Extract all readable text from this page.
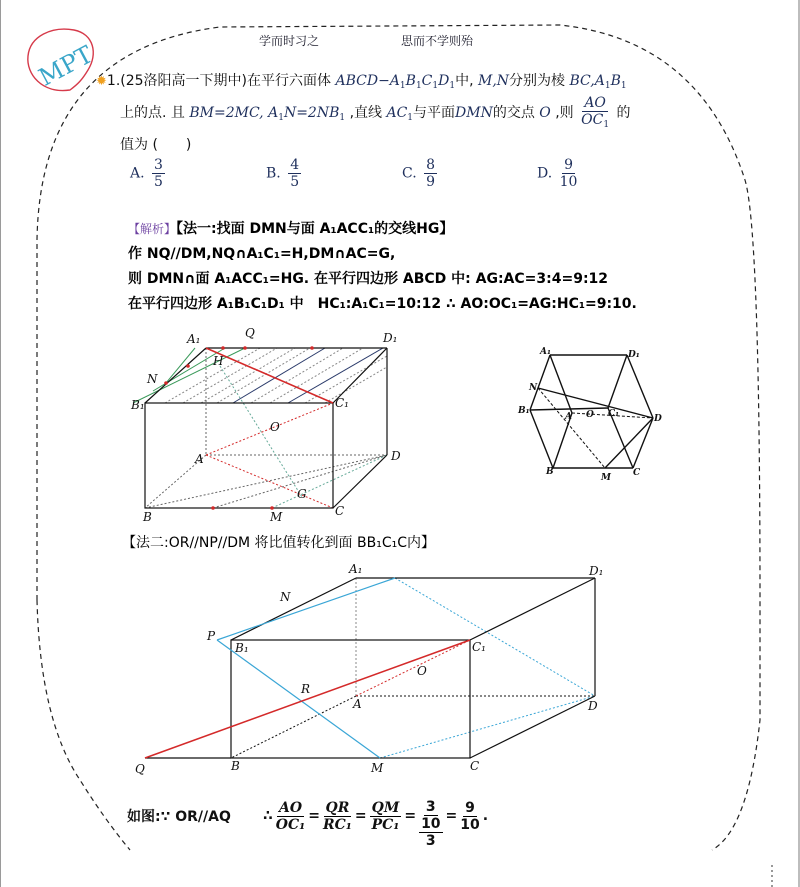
MPT	学而时习之	思而不学则殆
✹1.(25洛阳高一下期中)在平行六面体 $ABCD-A_1B_1C_1D_1$中, M,N分别为棱 $BC,A_1B_1$
上的点. 且 BM=2MC, $A_1N=2NB_1$ ,直线 $AC_1$与平面DMN的交点 O ,则 $\frac{AO}{OC_1}$ 的
值为 (　　)
A. $\frac{3}{5}$	B. $\frac{4}{5}$	C. $\frac{8}{9}$	D. $\frac{9}{10}$
【解析】【法一:找面 DMN与面 A₁ACC₁的交线HG】
作 NQ//DM,NQ∩A₁C₁=H,DM∩AC=G,
则 DMN∩面 A₁ACC₁=HG. 在平行四边形 ABCD 中: AG:AC=3:4=9:12
在平行四边形 A₁B₁C₁D₁ 中　HC₁:A₁C₁=10:12 ∴ AO:OC₁=AG:HC₁=9:10.
A₁	Q	D₁
H
N
B₁	C₁
O
A	D
G
B	M	C
A₁	D₁
N
B₁
A O C₁	D
B
M C
【法二:OR//NP//DM 将比值转化到面 BB₁C₁C内】
A₁	D₁
N
P
B₁	C₁
O
R
A	D
Q	B	M	C
如图:∵ OR//AQ	∴ $\frac{AO}{\text{OC₁}} = \frac{QR}{\text{RC₁}} = \frac{QM}{\text{PC₁}} = \frac{3}{\frac{10}{3}} = \frac{9}{10}$ .
